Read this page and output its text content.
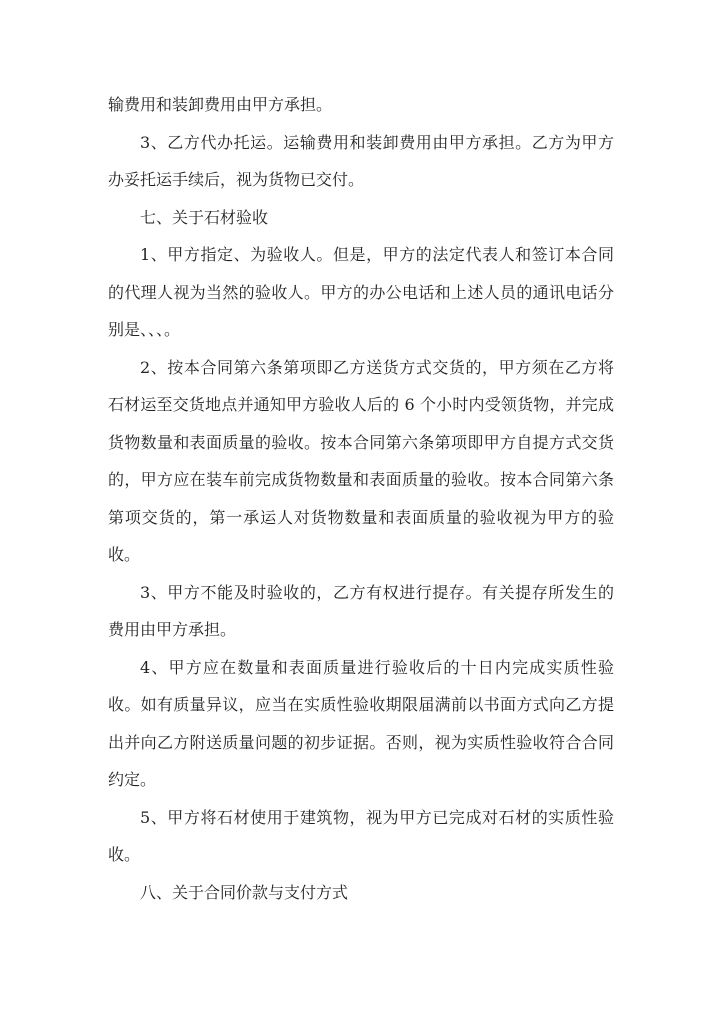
输费用和装卸费用由甲方承担。

3、乙方代办托运。运输费用和装卸费用由甲方承担。乙方为甲方办妥托运手续后，视为货物已交付。

七、关于石材验收

1、甲方指定、为验收人。但是，甲方的法定代表人和签订本合同的代理人视为当然的验收人。甲方的办公电话和上述人员的通讯电话分别是、、、。

2、按本合同第六条第项即乙方送货方式交货的，甲方须在乙方将石材运至交货地点并通知甲方验收人后的 6 个小时内受领货物，并完成货物数量和表面质量的验收。按本合同第六条第项即甲方自提方式交货的，甲方应在装车前完成货物数量和表面质量的验收。按本合同第六条第项交货的，第一承运人对货物数量和表面质量的验收视为甲方的验收。

3、甲方不能及时验收的，乙方有权进行提存。有关提存所发生的费用由甲方承担。

4、甲方应在数量和表面质量进行验收后的十日内完成实质性验收。如有质量异议，应当在实质性验收期限届满前以书面方式向乙方提出并向乙方附送质量问题的初步证据。否则，视为实质性验收符合合同约定。

5、甲方将石材使用于建筑物，视为甲方已完成对石材的实质性验收。

八、关于合同价款与支付方式
